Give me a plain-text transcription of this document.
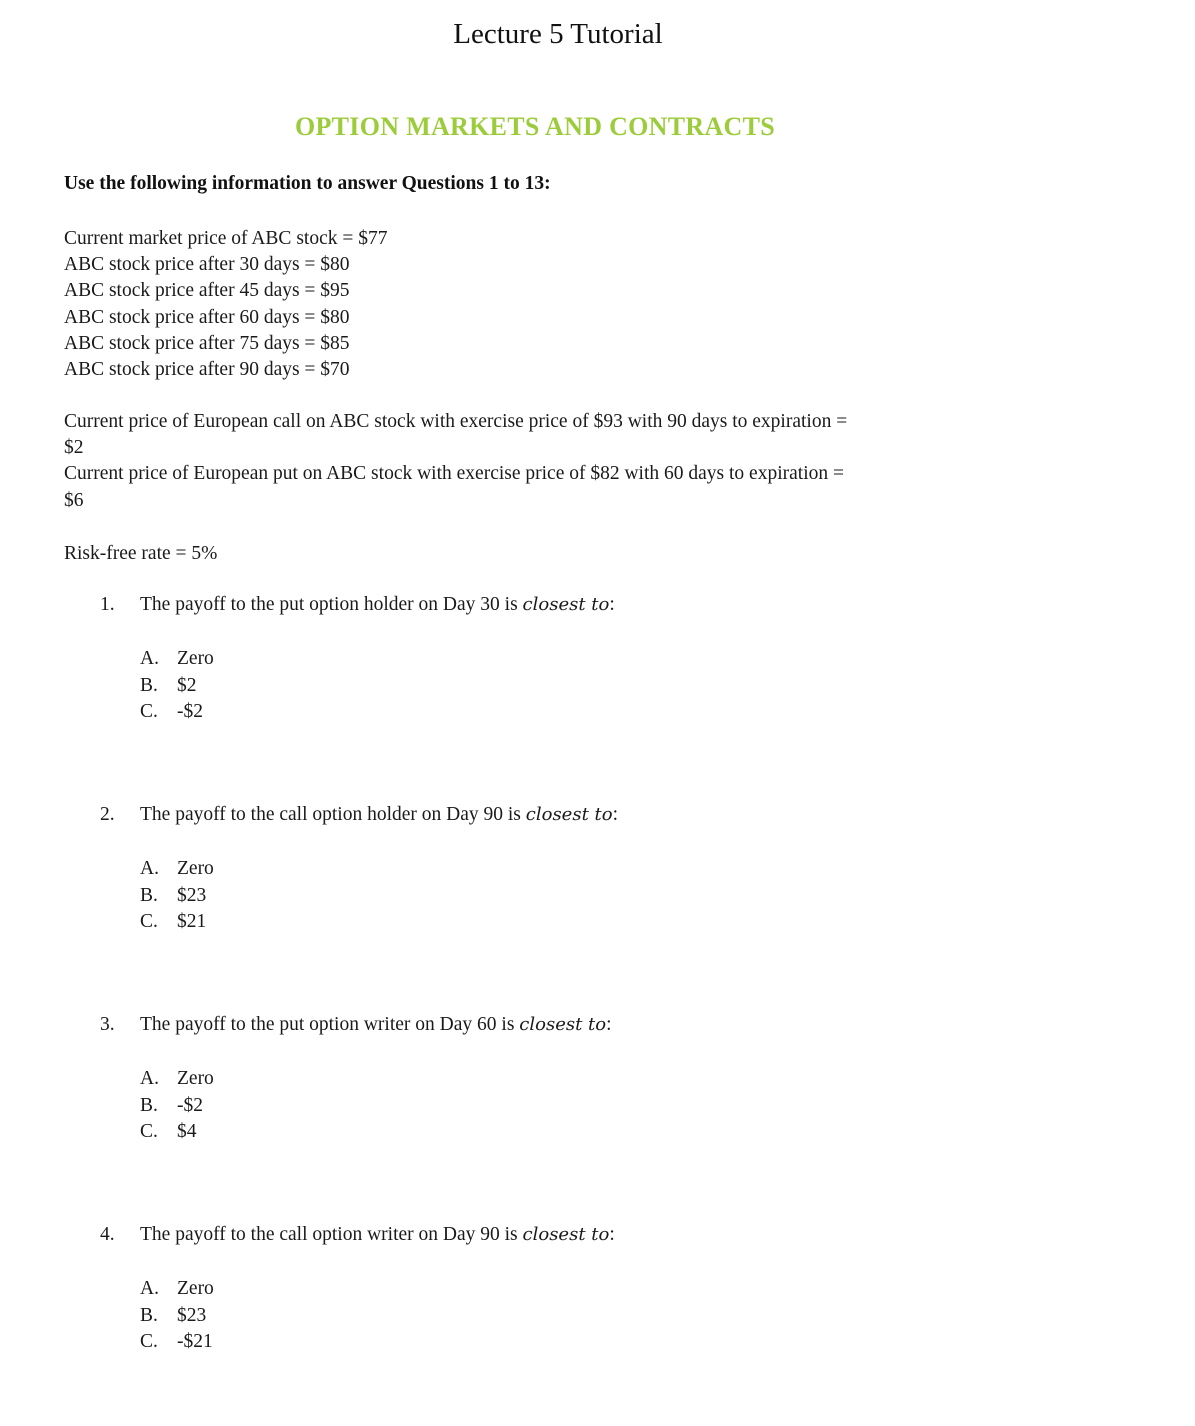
Lecture 5 Tutorial
OPTION MARKETS AND CONTRACTS
Use the following information to answer Questions 1 to 13:
Current market price of ABC stock = $77
ABC stock price after 30 days = $80
ABC stock price after 45 days = $95
ABC stock price after 60 days = $80
ABC stock price after 75 days = $85
ABC stock price after 90 days = $70
Current price of European call on ABC stock with exercise price of $93 with 90 days to expiration =
$2
Current price of European put on ABC stock with exercise price of $82 with 60 days to expiration =
$6
Risk-free rate = 5%
1.	The payoff to the put option holder on Day 30 is closest to:
A. Zero
B. $2
C. -$2
2.	The payoff to the call option holder on Day 90 is closest to:
A. Zero
B. $23
C. $21
3.	The payoff to the put option writer on Day 60 is closest to:
A. Zero
B. -$2
C. $4
4.	The payoff to the call option writer on Day 90 is closest to:
A. Zero
B. $23
C. -$21
